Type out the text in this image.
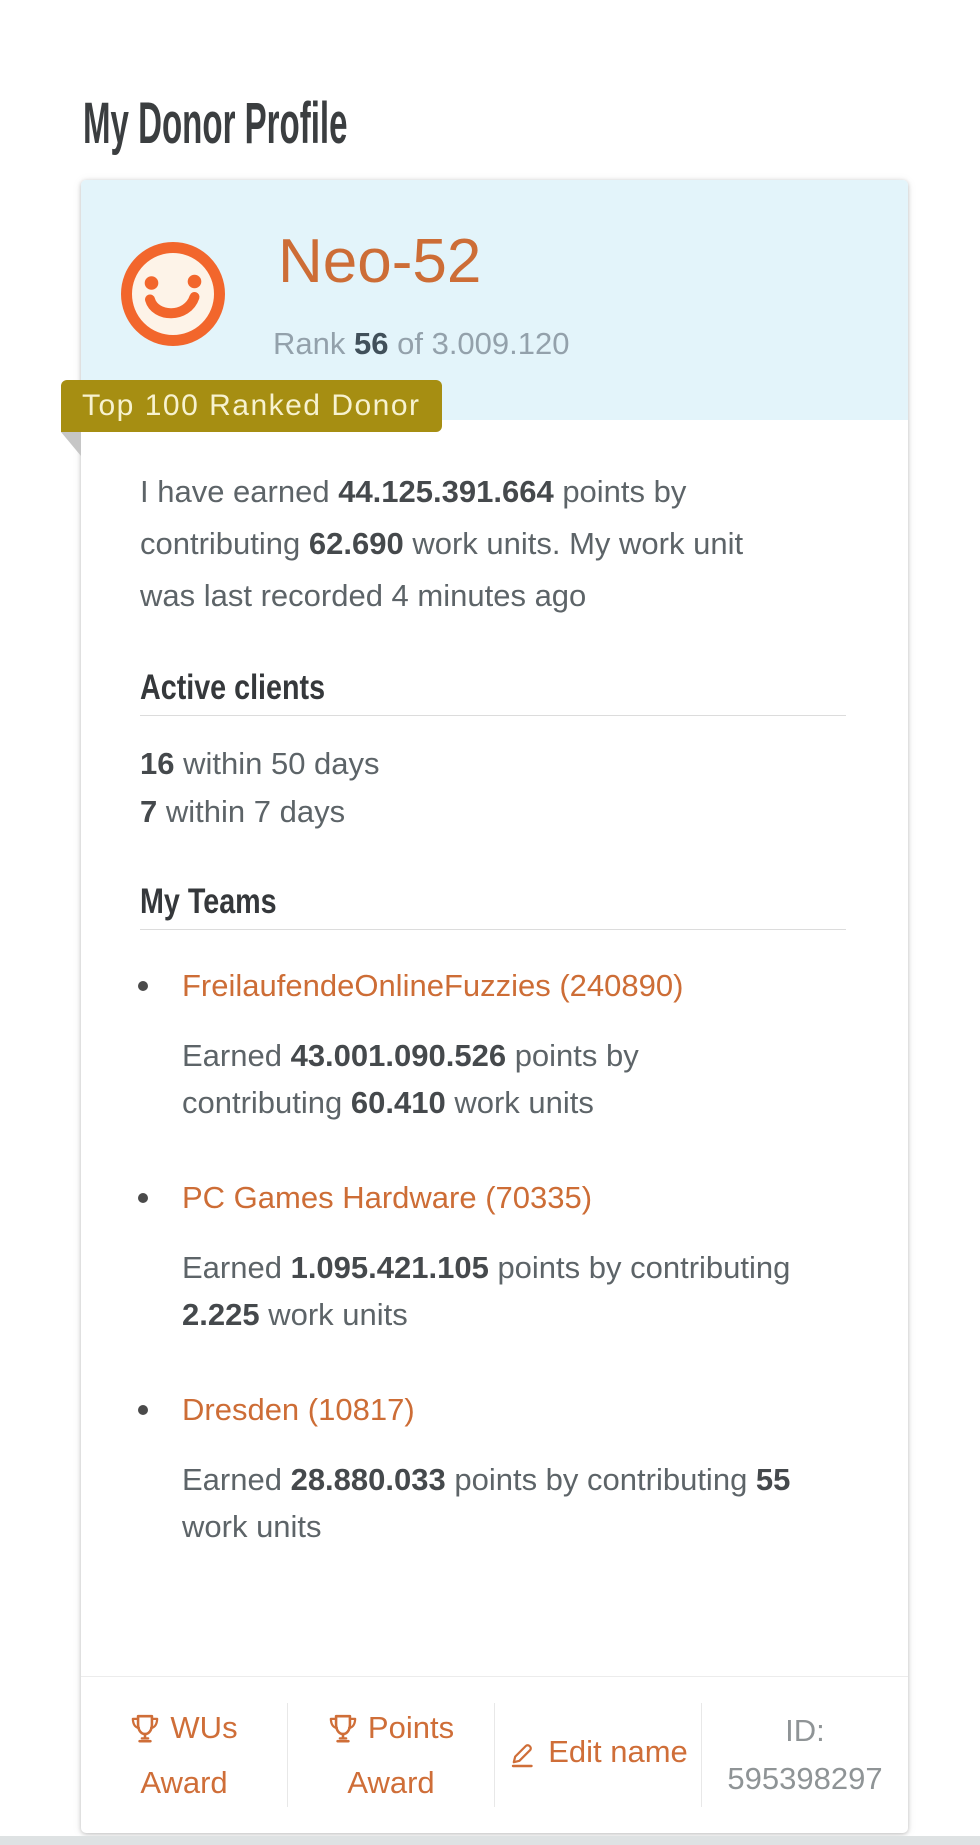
My Donor Profile
Neo-52
Rank 56 of 3.009.120
Top 100 Ranked Donor
I have earned 44.125.391.664 points by
contributing 62.690 work units. My work unit
was last recorded 4 minutes ago
Active clients
16 within 50 days
7 within 7 days
My Teams
FreilaufendeOnlineFuzzies (240890)
Earned 43.001.090.526 points by
contributing 60.410 work units
PC Games Hardware (70335)
Earned 1.095.421.105 points by contributing
2.225 work units
Dresden (10817)
Earned 28.880.033 points by contributing 55
work units
WUs Award
Points Award
Edit name
ID:
595398297
